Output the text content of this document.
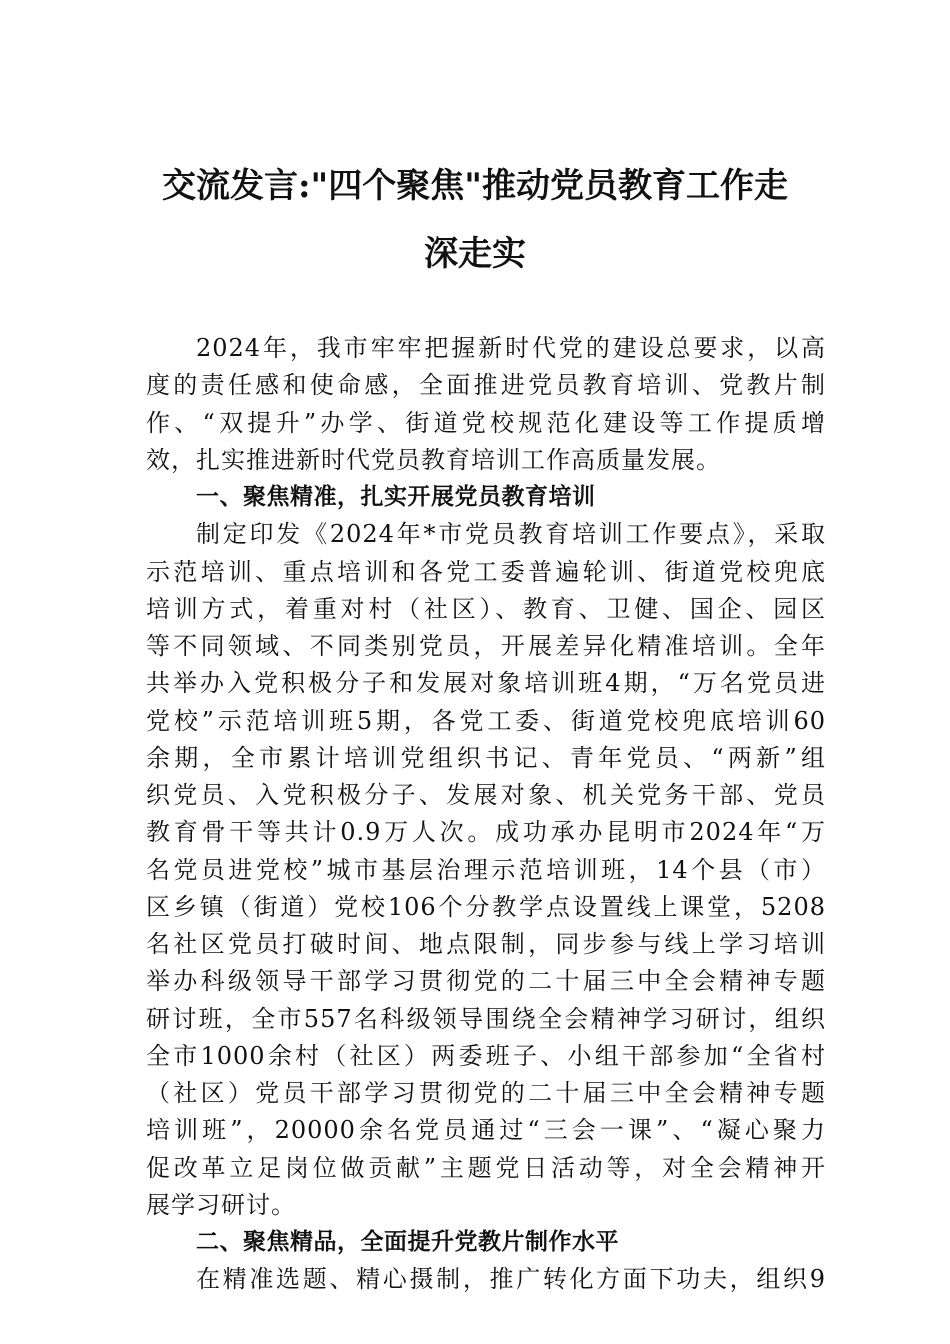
交流发言:"四个聚焦"推动党员教育工作走
深走实
2024年，我市牢牢把握新时代党的建设总要求，以高
度的责任感和使命感，全面推进党员教育培训、党教片制
作、“双提升”办学、街道党校规范化建设等工作提质增
效，扎实推进新时代党员教育培训工作高质量发展。
一、聚焦精准，扎实开展党员教育培训
制定印发《2024年*市党员教育培训工作要点》，采取
示范培训、重点培训和各党工委普遍轮训、街道党校兜底
培训方式，着重对村（社区）、教育、卫健、国企、园区
等不同领域、不同类别党员，开展差异化精准培训。全年
共举办入党积极分子和发展对象培训班4期，“万名党员进
党校”示范培训班5期，各党工委、街道党校兜底培训60
余期，全市累计培训党组织书记、青年党员、“两新”组
织党员、入党积极分子、发展对象、机关党务干部、党员
教育骨干等共计0.9万人次。成功承办昆明市2024年“万
名党员进党校”城市基层治理示范培训班，14个县（市）
区乡镇（街道）党校106个分教学点设置线上课堂，5208
名社区党员打破时间、地点限制，同步参与线上学习培训
举办科级领导干部学习贯彻党的二十届三中全会精神专题
研讨班，全市557名科级领导围绕全会精神学习研讨，组织
全市1000余村（社区）两委班子、小组干部参加“全省村
（社区）党员干部学习贯彻党的二十届三中全会精神专题
培训班”，20000余名党员通过“三会一课”、“凝心聚力
促改革立足岗位做贡献”主题党日活动等，对全会精神开
展学习研讨。
二、聚焦精品，全面提升党教片制作水平
在精准选题、精心摄制，推广转化方面下功夫，组织9
